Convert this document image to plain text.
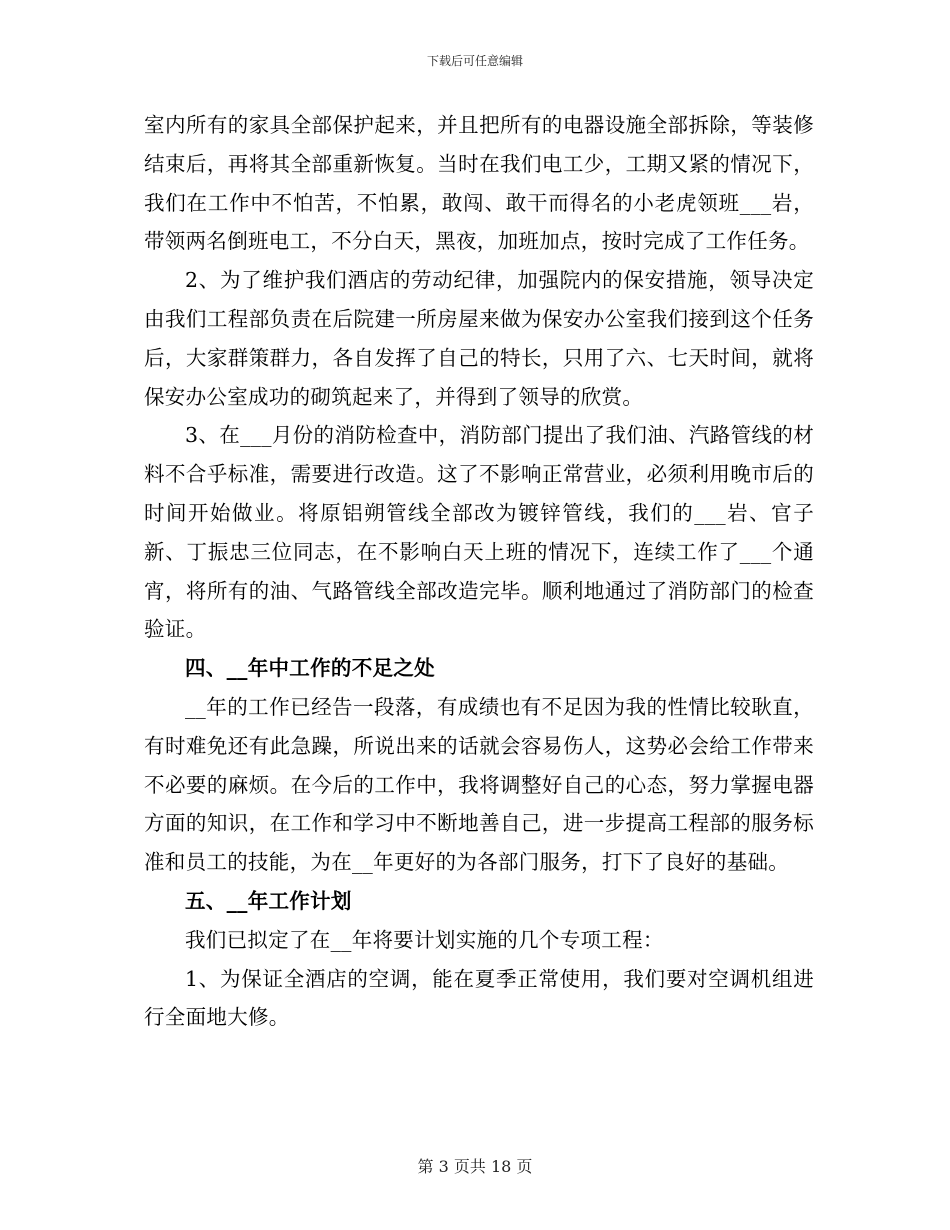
下载后可任意编辑

室内所有的家具全部保护起来，并且把所有的电器设施全部拆除，等装修结束后，再将其全部重新恢复。当时在我们电工少，工期又紧的情况下，我们在工作中不怕苦，不怕累，敢闯、敢干而得名的小老虎领班___岩，带领两名倒班电工，不分白天，黑夜，加班加点，按时完成了工作任务。

2、为了维护我们酒店的劳动纪律，加强院内的保安措施，领导决定由我们工程部负责在后院建一所房屋来做为保安办公室我们接到这个任务后，大家群策群力，各自发挥了自己的特长，只用了六、七天时间，就将保安办公室成功的砌筑起来了，并得到了领导的欣赏。

3、在___月份的消防检查中，消防部门提出了我们油、汽路管线的材料不合乎标准，需要进行改造。这了不影响正常营业，必须利用晚市后的时间开始做业。将原铝朔管线全部改为镀锌管线，我们的___岩、官子新、丁振忠三位同志，在不影响白天上班的情况下，连续工作了___个通宵，将所有的油、气路管线全部改造完毕。顺利地通过了消防部门的检查验证。

四、__年中工作的不足之处

__年的工作已经告一段落，有成绩也有不足因为我的性情比较耿直，有时难免还有此急躁，所说出来的话就会容易伤人，这势必会给工作带来不必要的麻烦。在今后的工作中，我将调整好自己的心态，努力掌握电器方面的知识，在工作和学习中不断地善自己，进一步提高工程部的服务标准和员工的技能，为在__年更好的为各部门服务，打下了良好的基础。

五、__年工作计划

我们已拟定了在__年将要计划实施的几个专项工程：

1、为保证全酒店的空调，能在夏季正常使用，我们要对空调机组进行全面地大修。

第 3 页共 18 页
